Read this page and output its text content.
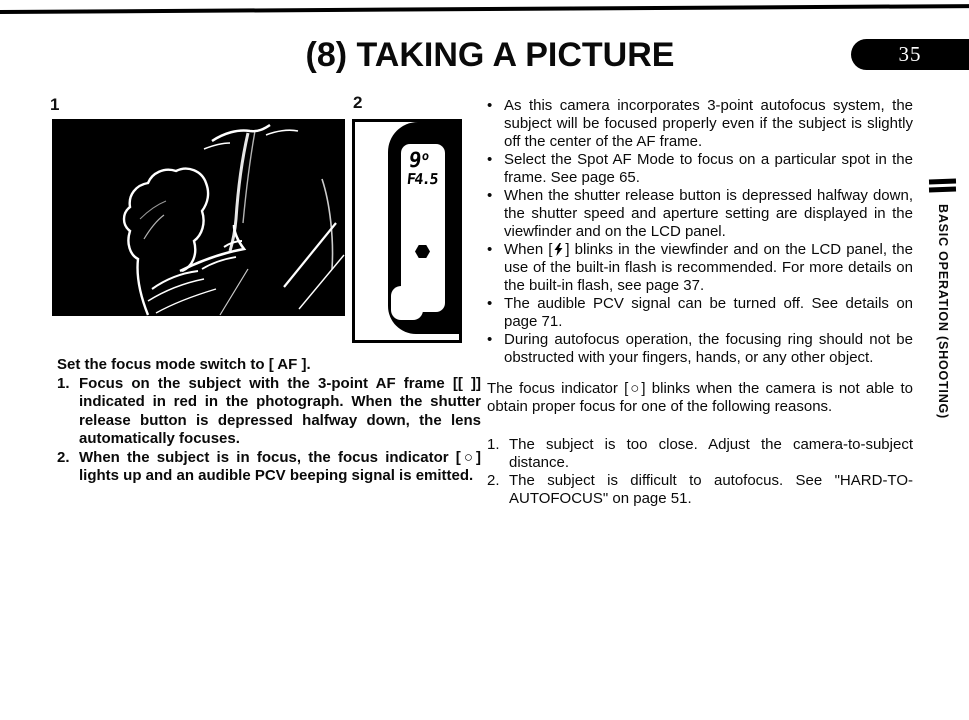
(8) TAKING A PICTURE	35
1	2
9$^o$
F4.5
Set the focus mode switch to [ AF ].
1. Focus on the subject with the 3-point AF frame [[ ]] indicated in red in the photograph. When the shutter release button is depressed halfway down, the lens automatically focuses.
2. When the subject is in focus, the focus indicator [○] lights up and an audible PCV beeping signal is emitted.
• As this camera incorporates 3-point autofocus system, the subject will be focused properly even if the subject is slightly off the center of the AF frame.
• Select the Spot AF Mode to focus on a particular spot in the frame. See page 65.
• When the shutter release button is depressed halfway down, the shutter speed and aperture setting are displayed in the viewfinder and on the LCD panel.
• When [ ] blinks in the viewfinder and on the LCD panel, the use of the built-in flash is recommended. For more details on the built-in flash, see page 37.
• The audible PCV signal can be turned off. See details on page 71.
• During autofocus operation, the focusing ring should not be obstructed with your fingers, hands, or any other object.
The focus indicator [○] blinks when the camera is not able to obtain proper focus for one of the following reasons.
1. The subject is too close. Adjust the camera-to-subject distance.
2. The subject is difficult to autofocus. See "HARD-TO-AUTOFOCUS" on page 51.
BASIC OPERATION (SHOOTING)
